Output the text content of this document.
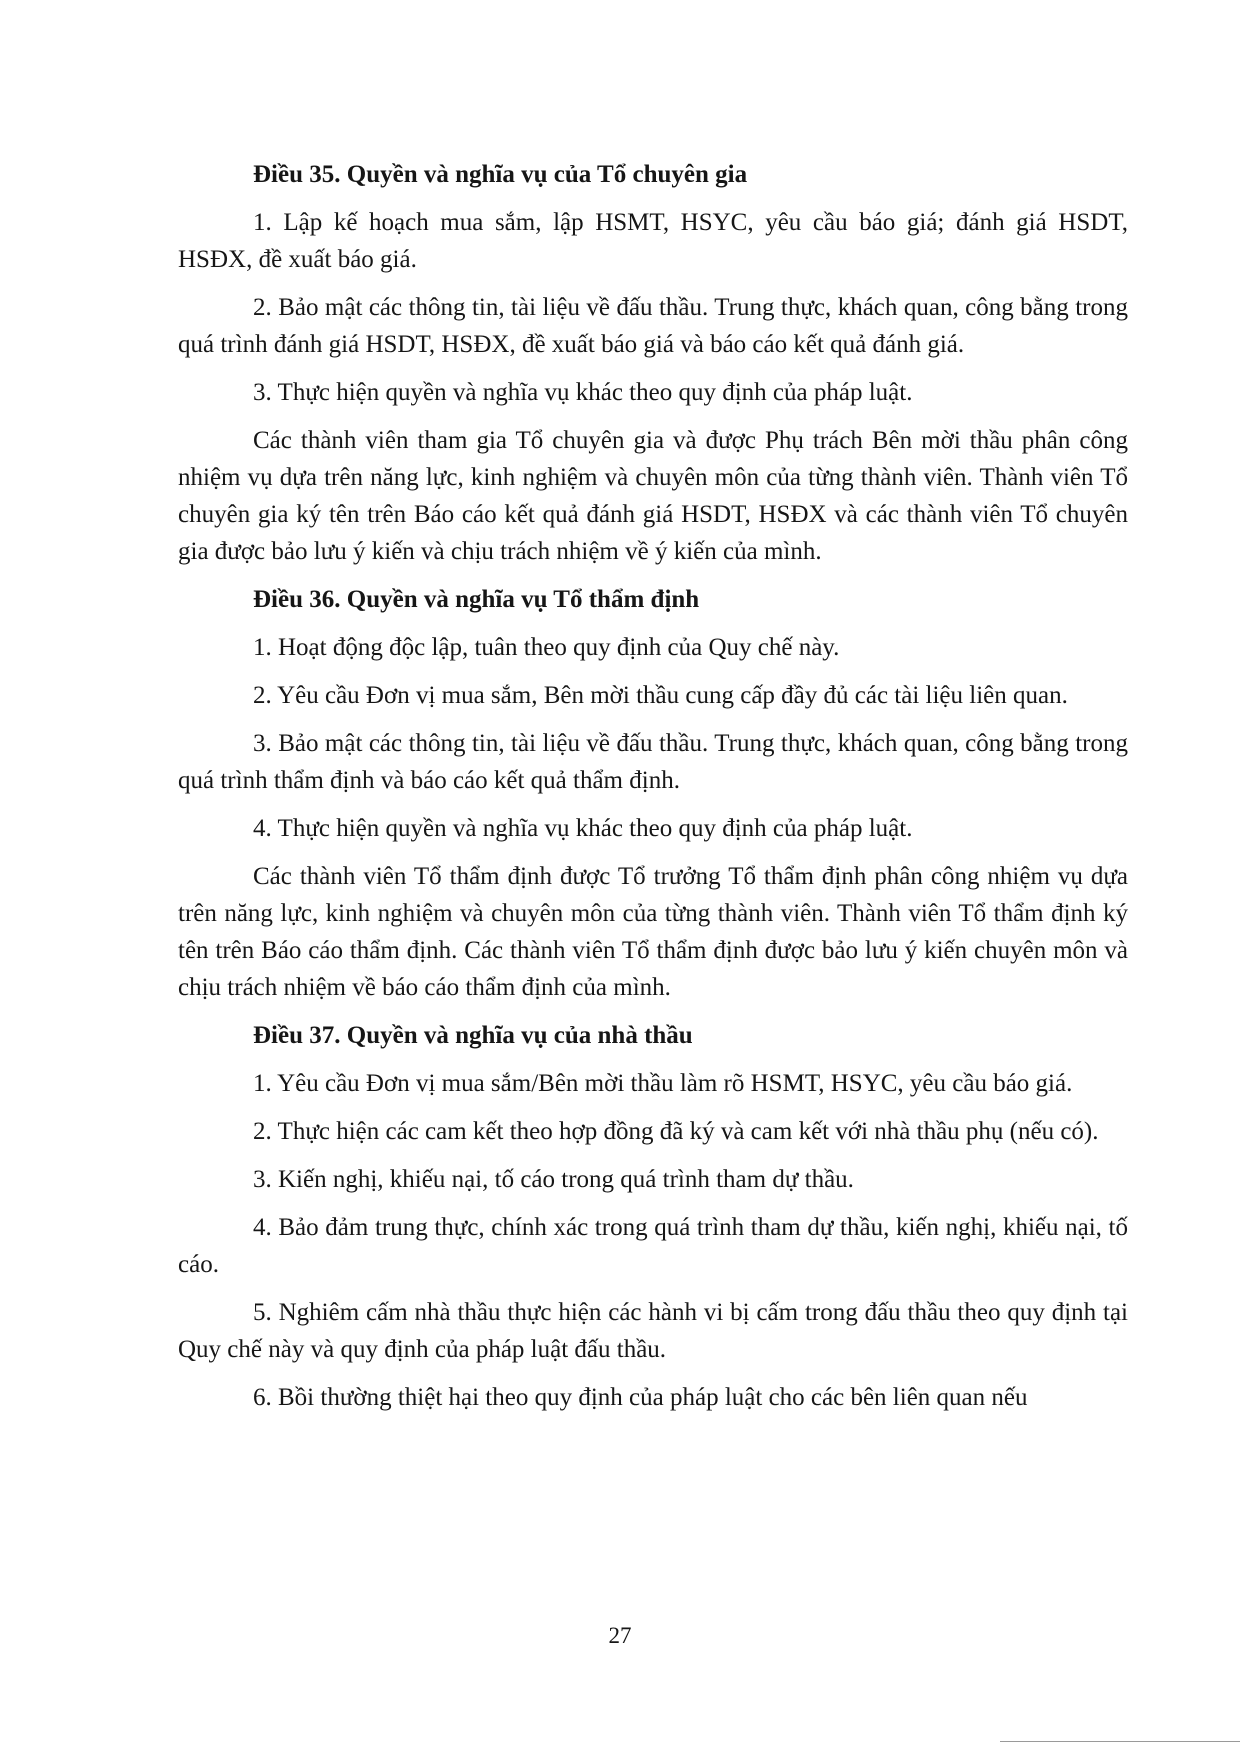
Điều 35. Quyền và nghĩa vụ của Tổ chuyên gia

1. Lập kế hoạch mua sắm, lập HSMT, HSYC, yêu cầu báo giá; đánh giá HSDT, HSĐX, đề xuất báo giá.

2. Bảo mật các thông tin, tài liệu về đấu thầu. Trung thực, khách quan, công bằng trong quá trình đánh giá HSDT, HSĐX, đề xuất báo giá và báo cáo kết quả đánh giá.

3. Thực hiện quyền và nghĩa vụ khác theo quy định của pháp luật.

Các thành viên tham gia Tổ chuyên gia và được Phụ trách Bên mời thầu phân công nhiệm vụ dựa trên năng lực, kinh nghiệm và chuyên môn của từng thành viên. Thành viên Tổ chuyên gia ký tên trên Báo cáo kết quả đánh giá HSDT, HSĐX và các thành viên Tổ chuyên gia được bảo lưu ý kiến và chịu trách nhiệm về ý kiến của mình.

Điều 36. Quyền và nghĩa vụ Tổ thẩm định

1. Hoạt động độc lập, tuân theo quy định của Quy chế này.

2. Yêu cầu Đơn vị mua sắm, Bên mời thầu cung cấp đầy đủ các tài liệu liên quan.

3. Bảo mật các thông tin, tài liệu về đấu thầu. Trung thực, khách quan, công bằng trong quá trình thẩm định và báo cáo kết quả thẩm định.

4. Thực hiện quyền và nghĩa vụ khác theo quy định của pháp luật.

Các thành viên Tổ thẩm định được Tổ trưởng Tổ thẩm định phân công nhiệm vụ dựa trên năng lực, kinh nghiệm và chuyên môn của từng thành viên. Thành viên Tổ thẩm định ký tên trên Báo cáo thẩm định. Các thành viên Tổ thẩm định được bảo lưu ý kiến chuyên môn và chịu trách nhiệm về báo cáo thẩm định của mình.

Điều 37. Quyền và nghĩa vụ của nhà thầu

1. Yêu cầu Đơn vị mua sắm/Bên mời thầu làm rõ HSMT, HSYC, yêu cầu báo giá.

2. Thực hiện các cam kết theo hợp đồng đã ký và cam kết với nhà thầu phụ (nếu có).

3. Kiến nghị, khiếu nại, tố cáo trong quá trình tham dự thầu.

4. Bảo đảm trung thực, chính xác trong quá trình tham dự thầu, kiến nghị, khiếu nại, tố cáo.

5. Nghiêm cấm nhà thầu thực hiện các hành vi bị cấm trong đấu thầu theo quy định tại Quy chế này và quy định của pháp luật đấu thầu.

6. Bồi thường thiệt hại theo quy định của pháp luật cho các bên liên quan nếu

27
